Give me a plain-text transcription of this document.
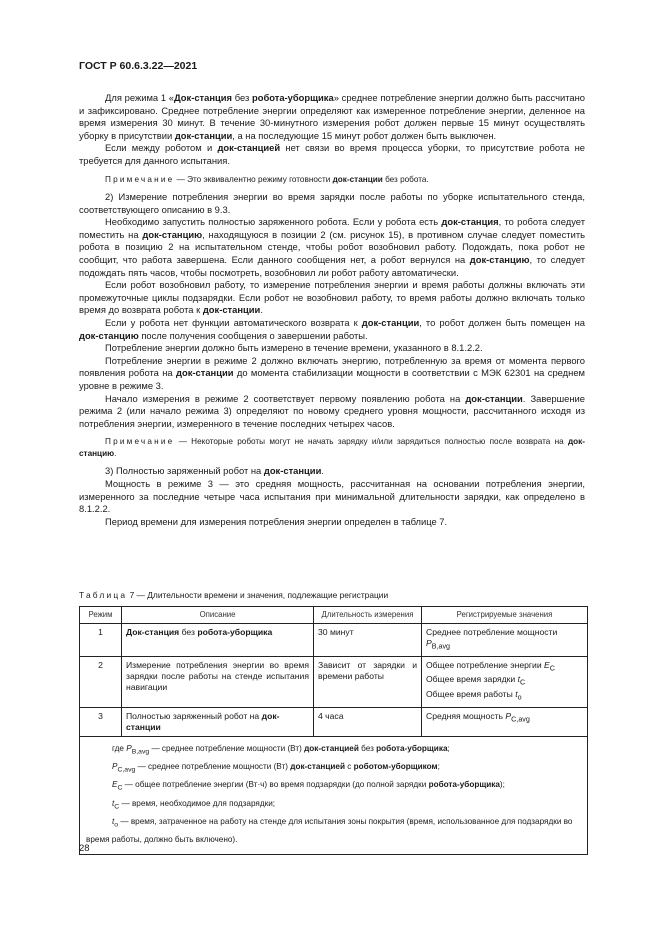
ГОСТ Р 60.6.3.22—2021

Для режима 1 «Док-станция без робота-уборщика» среднее потребление энергии должно быть рассчитано и зафиксировано. Среднее потребление энергии определяют как измеренное потребление энергии, деленное на время измерения 30 минут. В течение 30-минутного измерения робот должен первые 15 минут осуществлять уборку в присутствии док-станции, а на последующие 15 минут робот должен быть выключен.

Если между роботом и док-станцией нет связи во время процесса уборки, то присутствие робота не требуется для данного испытания.

Примечание — Это эквивалентно режиму готовности док-станции без робота.

2) Измерение потребления энергии во время зарядки после работы по уборке испытательного стенда, соответствующего описанию в 9.3.

Необходимо запустить полностью заряженного робота. Если у робота есть док-станция, то робота следует поместить на док-станцию, находящуюся в позиции 2 (см. рисунок 15), в противном случае следует поместить робота в позицию 2 на испытательном стенде, чтобы робот возобновил работу. Подождать, пока робот не сообщит, что работа завершена. Если данного сообщения нет, а робот вернулся на док-станцию, то следует подождать пять часов, чтобы посмотреть, возобновил ли робот работу автоматически.

Если робот возобновил работу, то измерение потребления энергии и время работы должны включать эти промежуточные циклы подзарядки. Если робот не возобновил работу, то время работы должно включать только время до возврата робота к док-станции.

Если у робота нет функции автоматического возврата к док-станции, то робот должен быть помещен на док-станцию после получения сообщения о завершении работы.

Потребление энергии должно быть измерено в течение времени, указанного в 8.1.2.2.

Потребление энергии в режиме 2 должно включать энергию, потребленную за время от момента первого появления робота на док-станции до момента стабилизации мощности в соответствии с МЭК 62301 на среднем уровне в режиме 3.

Начало измерения в режиме 2 соответствует первому появлению робота на док-станции. Завершение режима 2 (или начало режима 3) определяют по новому среднего уровня мощности, рассчитанного исходя из потребления энергии, измеренного в течение последних четырех часов.

Примечание — Некоторые роботы могут не начать зарядку и/или зарядиться полностью после возврата на док-станцию.

3) Полностью заряженный робот на док-станции.

Мощность в режиме 3 — это средняя мощность, рассчитанная на основании потребления энергии, измеренного за последние четыре часа испытания при минимальной длительности зарядки, как определено в 8.1.2.2.

Период времени для измерения потребления энергии определен в таблице 7.

Таблица 7 — Длительности времени и значения, подлежащие регистрации
Режим	Описание	Длительность измерения	Регистрируемые значения
1	Док-станция без робота-уборщика	30 минут	Среднее потребление мощности $P_{B,avg}$
2	Измерение потребления энергии во время зарядки после работы на стенде испытания навигации	Зависит от зарядки и времени работы	Общее потребление энергии $E_C$
Общее время зарядки $t_C$
Общее время работы $t_o$

3	Полностью заряженный робот на док-станции	4 часа	Средняя мощность $P_{C,avg}$

где $P_{B,avg}$ — среднее потребление мощности (Вт) док-станцией без робота-уборщика;
$P_{C,avg}$ — среднее потребление мощности (Вт) док-станцией с роботом-уборщиком;
$E_C$ — общее потребление энергии (Вт·ч) во время подзарядки (до полной зарядки робота-уборщика);
$t_C$ — время, необходимое для подзарядки;
$t_o$ — время, затраченное на работу на стенде для испытания зоны покрытия (время, использованное для подзарядки во время работы, должно быть включено).			
28
